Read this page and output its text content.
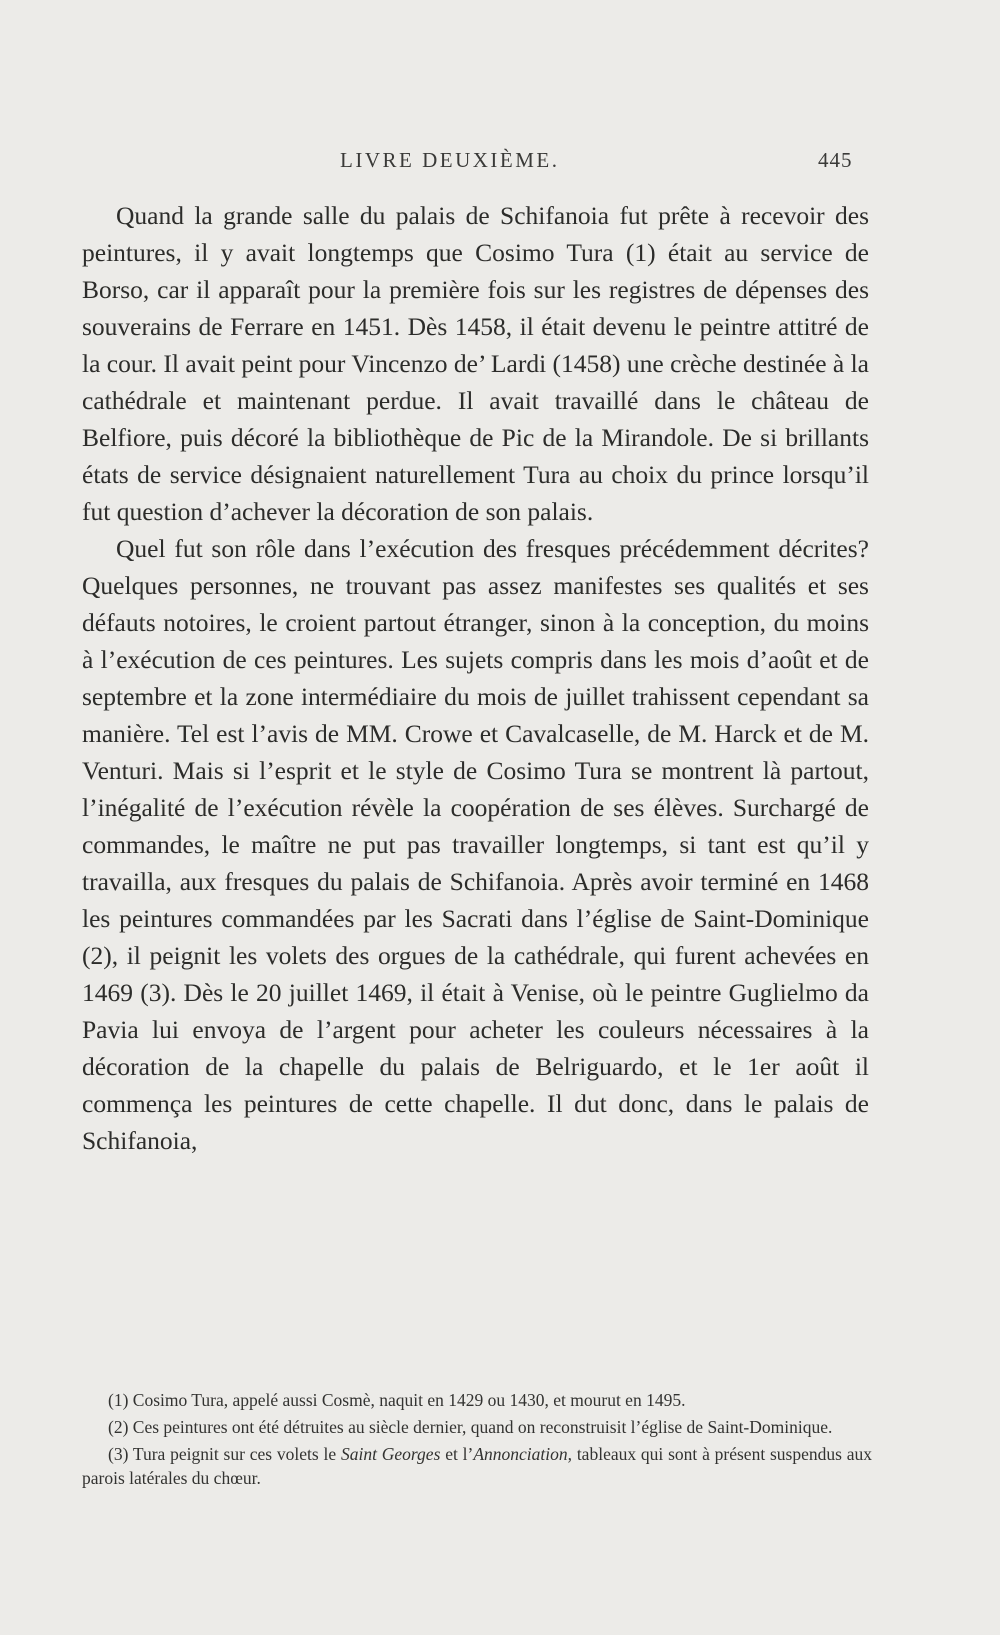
LIVRE DEUXIÈME.	445

Quand la grande salle du palais de Schifanoia fut prête à recevoir des peintures, il y avait longtemps que Cosimo Tura (1) était au service de Borso, car il apparaît pour la première fois sur les registres de dépenses des souverains de Ferrare en 1451. Dès 1458, il était devenu le peintre attitré de la cour. Il avait peint pour Vincenzo de’ Lardi (1458) une crèche destinée à la cathédrale et maintenant perdue. Il avait travaillé dans le château de Belfiore, puis décoré la bibliothèque de Pic de la Mirandole. De si brillants états de service désignaient naturellement Tura au choix du prince lorsqu’il fut question d’achever la décoration de son palais.

Quel fut son rôle dans l’exécution des fresques précédemment décrites? Quelques personnes, ne trouvant pas assez manifestes ses qualités et ses défauts notoires, le croient partout étranger, sinon à la conception, du moins à l’exécution de ces peintures. Les sujets compris dans les mois d’août et de septembre et la zone intermédiaire du mois de juillet trahissent cependant sa manière. Tel est l’avis de MM. Crowe et Cavalcaselle, de M. Harck et de M. Venturi. Mais si l’esprit et le style de Cosimo Tura se montrent là partout, l’inégalité de l’exécution révèle la coopération de ses élèves. Surchargé de commandes, le maître ne put pas travailler longtemps, si tant est qu’il y travailla, aux fresques du palais de Schifanoia. Après avoir terminé en 1468 les peintures commandées par les Sacrati dans l’église de Saint-Dominique (2), il peignit les volets des orgues de la cathédrale, qui furent achevées en 1469 (3). Dès le 20 juillet 1469, il était à Venise, où le peintre Guglielmo da Pavia lui envoya de l’argent pour acheter les couleurs nécessaires à la décoration de la chapelle du palais de Belriguardo, et le 1er août il commença les peintures de cette chapelle. Il dut donc, dans le palais de Schifanoia,

(1) Cosimo Tura, appelé aussi Cosmè, naquit en 1429 ou 1430, et mourut en 1495.

(2) Ces peintures ont été détruites au siècle dernier, quand on reconstruisit l’église de Saint-Dominique.

(3) Tura peignit sur ces volets le Saint Georges et l’Annonciation, tableaux qui sont à présent suspendus aux parois latérales du chœur.
